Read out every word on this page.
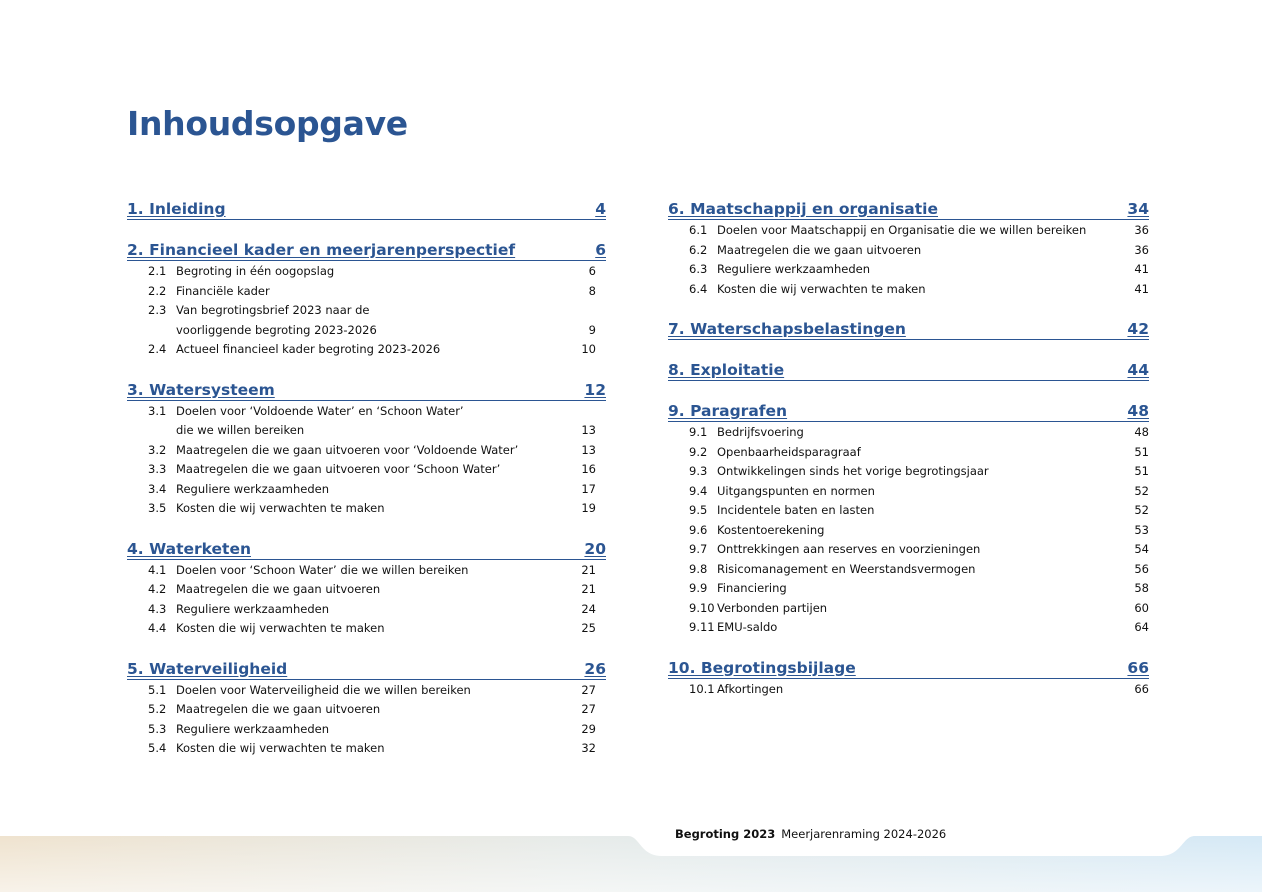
Inhoudsopgave
1. Inleiding	4
2. Financieel kader en meerjarenperspectief	6
2.1 Begroting in één oogopslag	6
2.2 Financiële kader	8
2.3 Van begrotingsbrief 2023 naar de
voorliggende begroting 2023-2026	9
2.4 Actueel financieel kader begroting 2023-2026	10
3. Watersysteem	12
3.1 Doelen voor ‘Voldoende Water’ en ‘Schoon Water’
die we willen bereiken	13
3.2 Maatregelen die we gaan uitvoeren voor ‘Voldoende Water’	13
3.3 Maatregelen die we gaan uitvoeren voor ‘Schoon Water’	16
3.4 Reguliere werkzaamheden	17
3.5 Kosten die wij verwachten te maken	19
4. Waterketen	20
4.1 Doelen voor ‘Schoon Water’ die we willen bereiken	21
4.2 Maatregelen die we gaan uitvoeren	21
4.3 Reguliere werkzaamheden	24
4.4 Kosten die wij verwachten te maken	25
5. Waterveiligheid	26
5.1 Doelen voor Waterveiligheid die we willen bereiken	27
5.2 Maatregelen die we gaan uitvoeren	27
5.3 Reguliere werkzaamheden	29
5.4 Kosten die wij verwachten te maken	32
6. Maatschappij en organisatie	34
6.1 Doelen voor Maatschappij en Organisatie die we willen bereiken	36
6.2 Maatregelen die we gaan uitvoeren	36
6.3 Reguliere werkzaamheden	41
6.4 Kosten die wij verwachten te maken	41
7. Waterschapsbelastingen	42
8. Exploitatie	44
9. Paragrafen	48
9.1 Bedrijfsvoering	48
9.2 Openbaarheidsparagraaf	51
9.3 Ontwikkelingen sinds het vorige begrotingsjaar	51
9.4 Uitgangspunten en normen	52
9.5 Incidentele baten en lasten	52
9.6 Kostentoerekening	53
9.7 Onttrekkingen aan reserves en voorzieningen	54
9.8 Risicomanagement en Weerstandsvermogen	56
9.9 Financiering	58
9.10 Verbonden partijen	60
9.11 EMU-saldo	64
10. Begrotingsbijlage	66
10.1 Afkortingen	66
Begroting 2023 Meerjarenraming 2024-2026
